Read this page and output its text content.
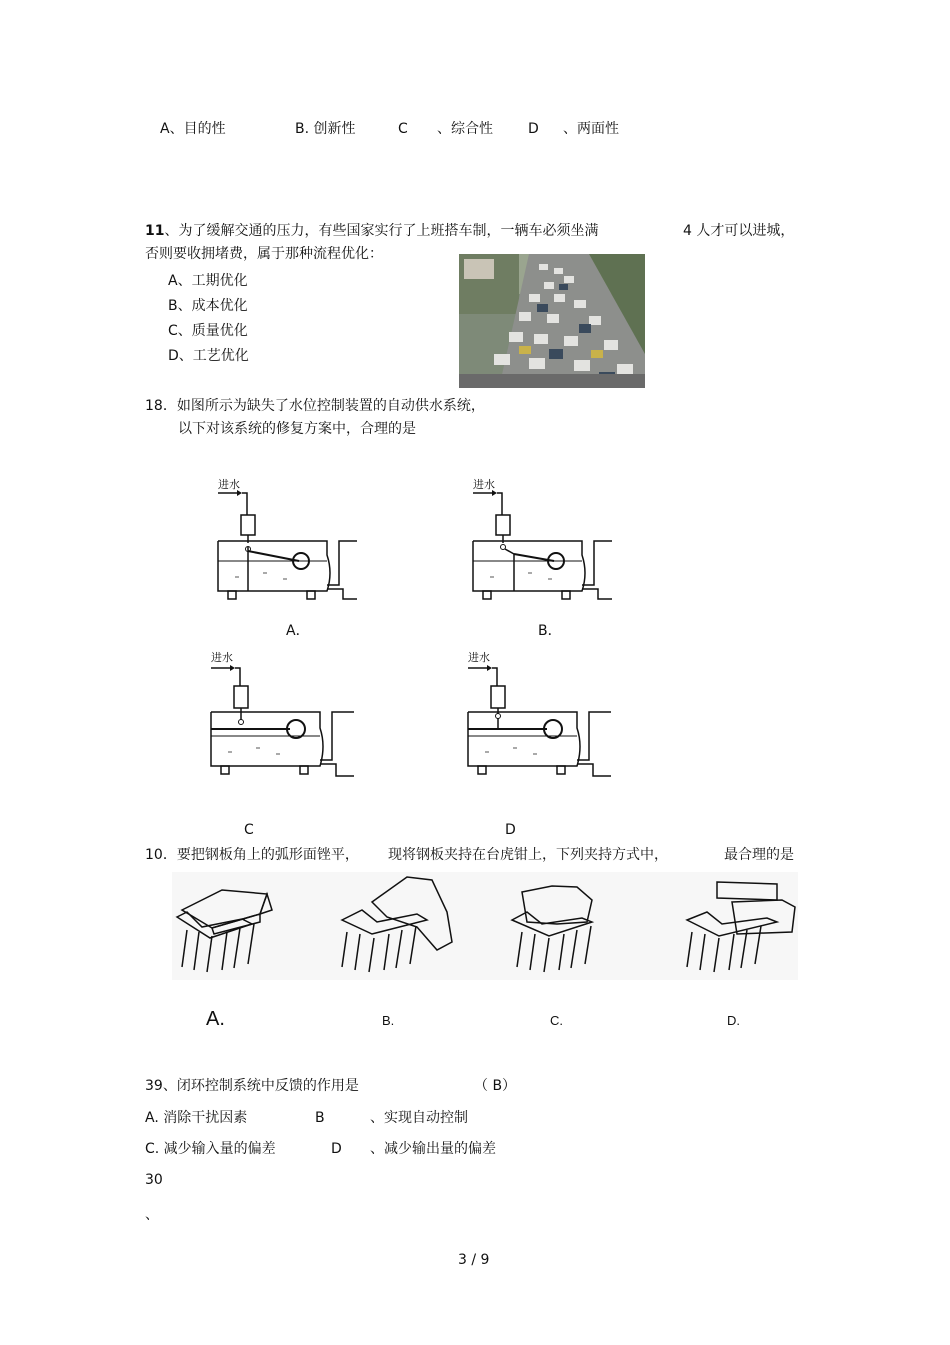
A、目的性	B. 创新性	C 、综合性	D 、两面性
11、为了缓解交通的压力，有些国家实行了上班搭车制，一辆车必须坐满	4 人才可以进城，
否则要收拥堵费，属于那种流程优化：
A、工期优化
B、成本优化
C、质量优化
D、工艺优化
18．如图所示为缺失了水位控制装置的自动供水系统，
以下对该系统的修复方案中，合理的是
进水
A．
进水
B．
进水
C
进水
D
10．要把钢板角上的弧形面锉平， 现将钢板夹持在台虎钳上，下列夹持方式中，	最合理的是
A.	B.	C.	D.
39、闭环控制系统中反馈的作用是	（ B）
A. 消除干扰因素	B	、实现自动控制
C. 减少输入量的偏差	D 、减少输出量的偏差
30
、
3 / 9
